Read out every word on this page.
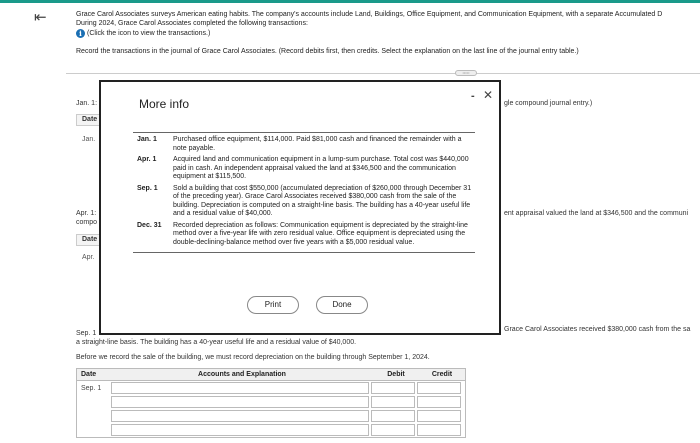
⇤	Grace Carol Associates surveys American eating habits. The company's accounts include Land, Buildings, Office Equipment, and Communication Equipment, with a separate Accumulated D
During 2024, Grace Carol Associates completed the following transactions:
i (Click the icon to view the transactions.)
Record the transactions in the journal of Grace Carol Associates. (Record debits first, then credits. Select the explanation on the last line of the journal entry table.)
•••••
Jan. 1:
Date
Jan.
gle compound journal entry.)
Apr. 1:
compo
Date
Apr.
ent appraisal valued the land at $346,500 and the communi
Sep. 1
a straight-line basis. The building has a 40-year useful life and a residual value of $40,000.
Grace Carol Associates received $380,000 cash from the sa
Before we record the sale of the building, we must record depreciation on the building through September 1, 2024.
Date	Accounts and Explanation	Debit	Credit
Sep. 1
More info
- ✕
Jan. 1	Purchased office equipment, $114,000. Paid $81,000 cash and financed the remainder with a note payable.
Apr. 1	Acquired land and communication equipment in a lump-sum purchase. Total cost was $440,000 paid in cash. An independent appraisal valued the land at $346,500 and the communication equipment at $115,500.
Sep. 1	Sold a building that cost $550,000 (accumulated depreciation of $260,000 through December 31 of the preceding year). Grace Carol Associates received $380,000 cash from the sale of the building. Depreciation is computed on a straight-line basis. The building has a 40-year useful life and a residual value of $40,000.
Dec. 31	Recorded depreciation as follows: Communication equipment is depreciated by the straight-line method over a five-year life with zero residual value. Office equipment is depreciated using the double-declining-balance method over five years with a $5,000 residual value.
Print	Done
